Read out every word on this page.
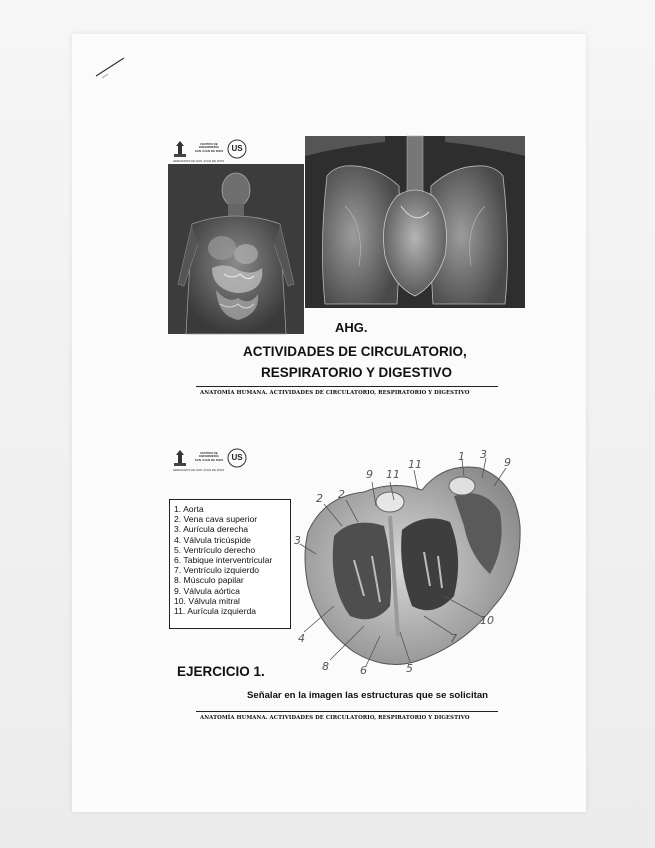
CENTRO DE
ENFERMERÍA
SAN JUAN DE DIOS	US
HERMANOS DE SAN JUAN DE DIOS
AHG.
ACTIVIDADES DE CIRCULATORIO,
RESPIRATORIO Y DIGESTIVO
ANATOMÍA HUMANA. ACTIVIDADES DE CIRCULATORIO, RESPIRATORIO Y DIGESTIVO
CENTRO DE
ENFERMERÍA
SAN JUAN DE DIOS	US
HERMANOS DE SAN JUAN DE DIOS
1. Aorta
2. Vena cava superior
3. Aurícula derecha
4. Válvula tricúspide
5. Ventrículo derecho
6. Tabique interventricular
7. Ventrículo izquierdo
8. Músculo papilar
9. Válvula aórtica
10. Válvula mitral
11. Aurícula izquierda
2 2
9 11
11
1 3
9
3
4
8	6	5
7
10
EJERCICIO 1.
Señalar en la imagen las estructuras que se solicitan
ANATOMÍA HUMANA. ACTIVIDADES DE CIRCULATORIO, RESPIRATORIO Y DIGESTIVO
